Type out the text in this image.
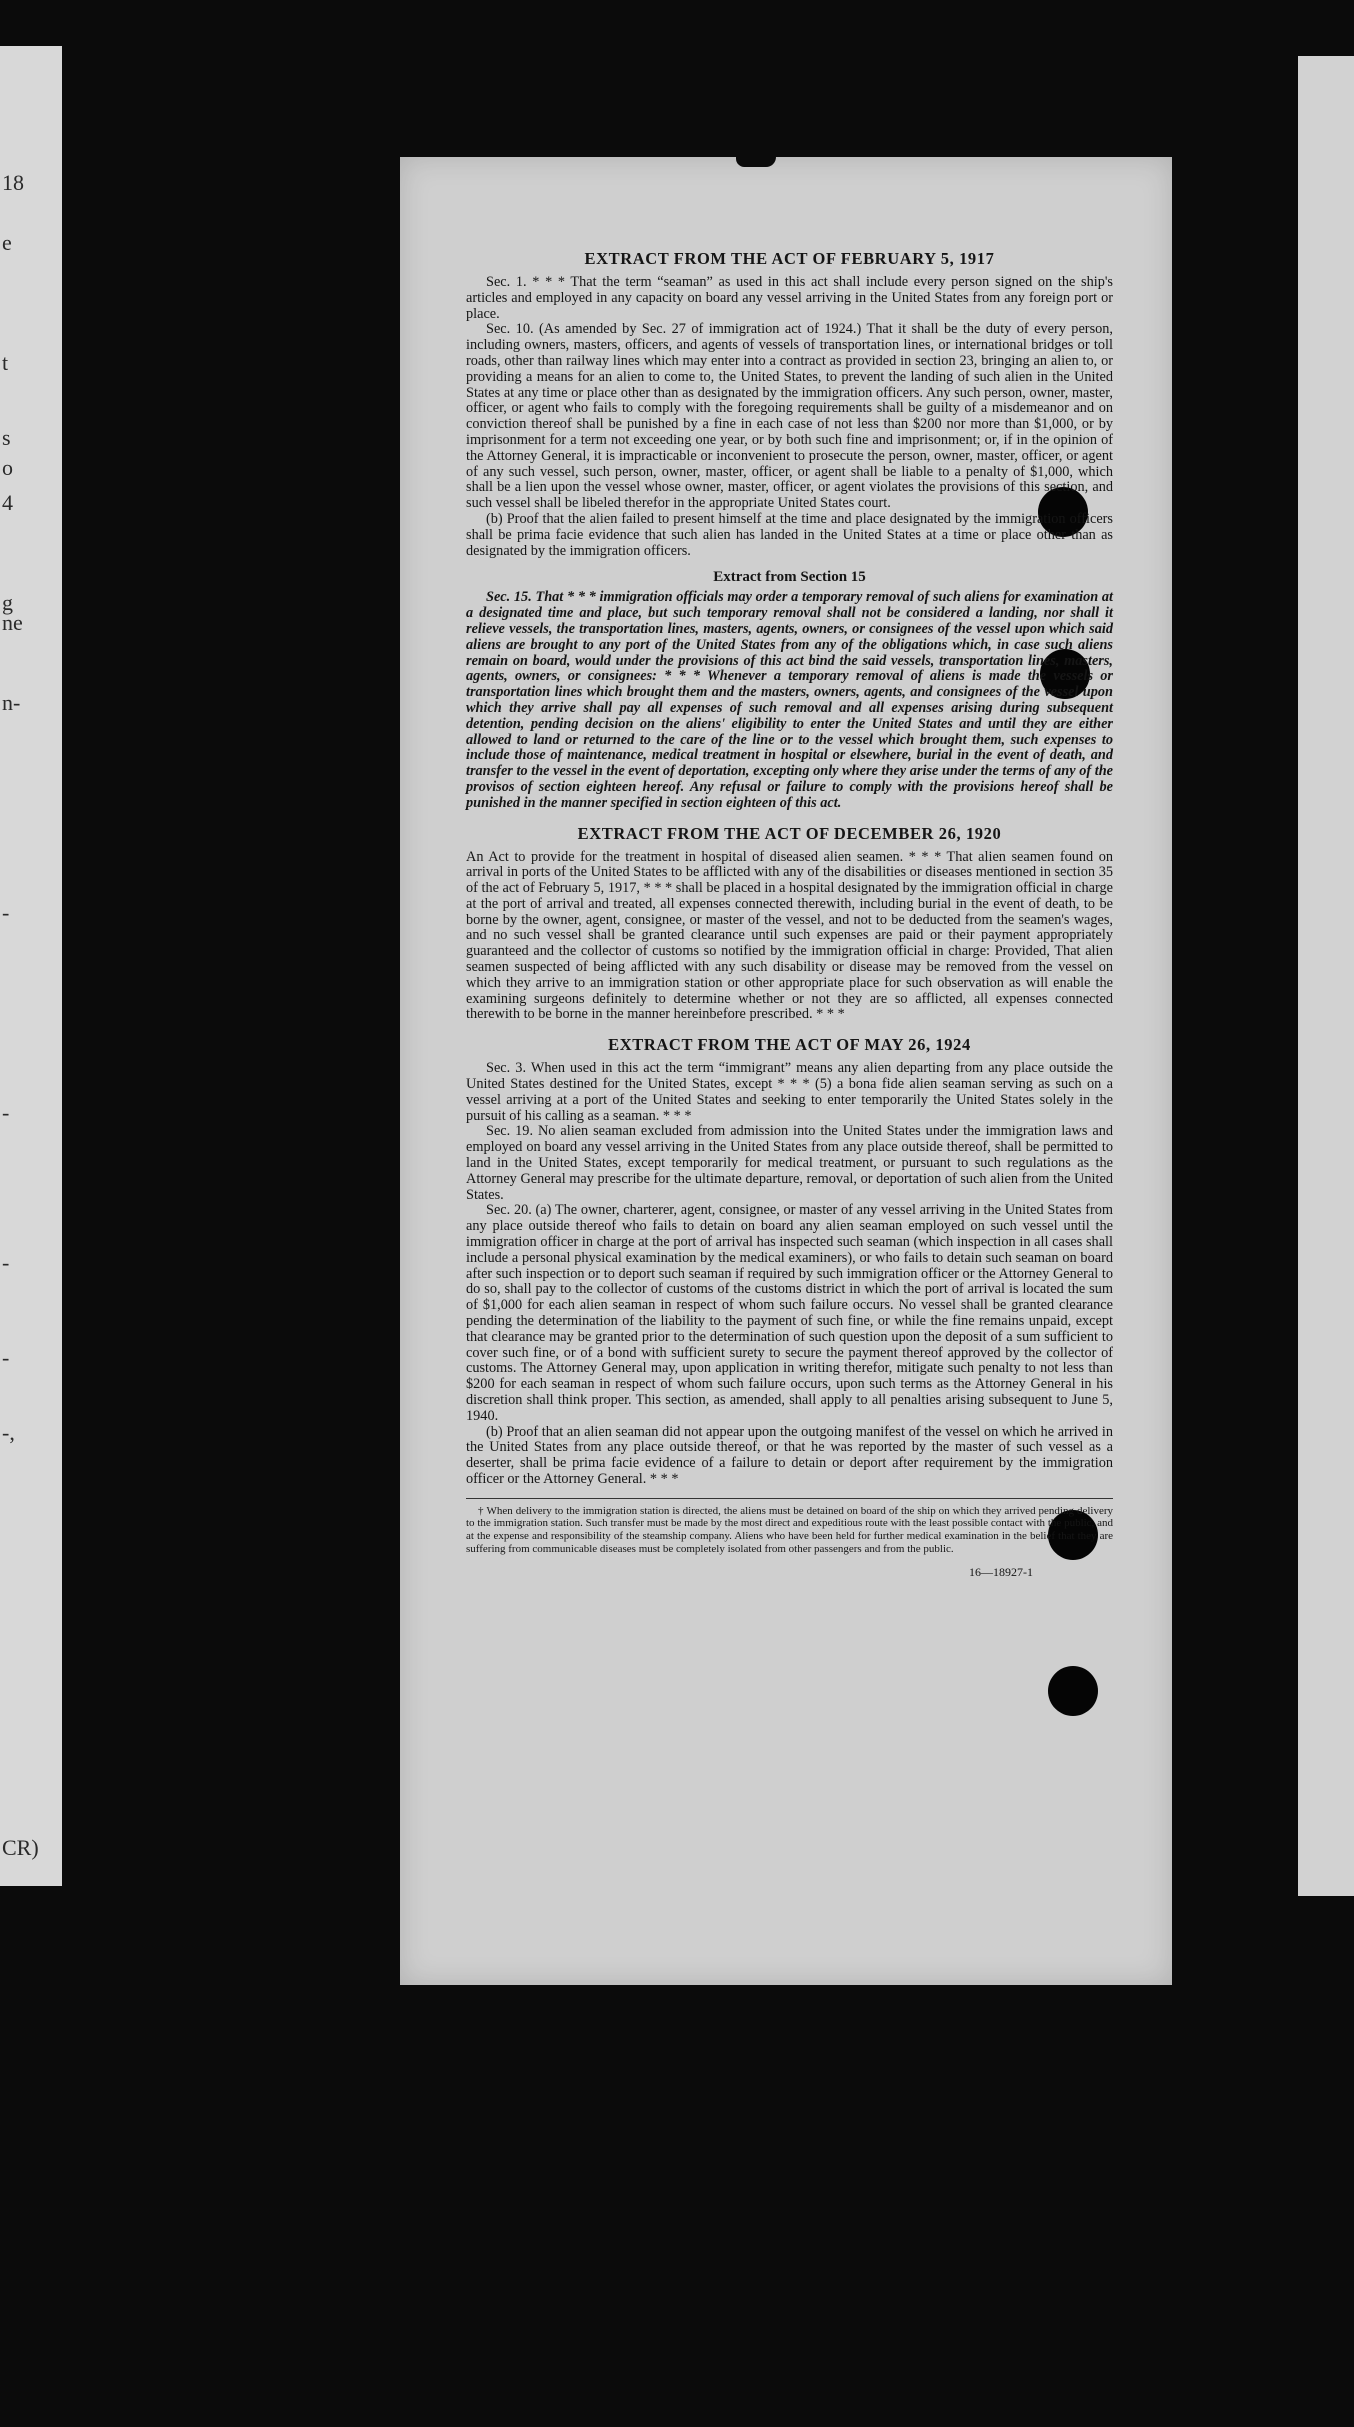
18
e
t
s
o
4
g
ne
n-
-
-
-
-
-,
CR)
EXTRACT FROM THE ACT OF FEBRUARY 5, 1917

Sec. 1. * * * That the term “seaman” as used in this act shall include every person signed on the ship's articles and employed in any capacity on board any vessel arriving in the United States from any foreign port or place.

Sec. 10. (As amended by Sec. 27 of immigration act of 1924.) That it shall be the duty of every person, including owners, masters, officers, and agents of vessels of transportation lines, or international bridges or toll roads, other than railway lines which may enter into a contract as provided in section 23, bringing an alien to, or providing a means for an alien to come to, the United States, to prevent the landing of such alien in the United States at any time or place other than as designated by the immigration officers. Any such person, owner, master, officer, or agent who fails to comply with the foregoing requirements shall be guilty of a misdemeanor and on conviction thereof shall be punished by a fine in each case of not less than $200 nor more than $1,000, or by imprisonment for a term not exceeding one year, or by both such fine and imprisonment; or, if in the opinion of the Attorney General, it is impracticable or inconvenient to prosecute the person, owner, master, officer, or agent of any such vessel, such person, owner, master, officer, or agent shall be liable to a penalty of $1,000, which shall be a lien upon the vessel whose owner, master, officer, or agent violates the provisions of this section, and such vessel shall be libeled therefor in the appropriate United States court.

(b) Proof that the alien failed to present himself at the time and place designated by the immigration officers shall be prima facie evidence that such alien has landed in the United States at a time or place other than as designated by the immigration officers.

Extract from Section 15

Sec. 15. That * * * immigration officials may order a temporary removal of such aliens for examination at a designated time and place, but such temporary removal shall not be considered a landing, nor shall it relieve vessels, the transportation lines, masters, agents, owners, or consignees of the vessel upon which said aliens are brought to any port of the United States from any of the obligations which, in case such aliens remain on board, would under the provisions of this act bind the said vessels, transportation lines, masters, agents, owners, or consignees: * * * Whenever a temporary removal of aliens is made the vessels or transportation lines which brought them and the masters, owners, agents, and consignees of the vessel upon which they arrive shall pay all expenses of such removal and all expenses arising during subsequent detention, pending decision on the aliens' eligibility to enter the United States and until they are either allowed to land or returned to the care of the line or to the vessel which brought them, such expenses to include those of maintenance, medical treatment in hospital or elsewhere, burial in the event of death, and transfer to the vessel in the event of deportation, excepting only where they arise under the terms of any of the provisos of section eighteen hereof. Any refusal or failure to comply with the provisions hereof shall be punished in the manner specified in section eighteen of this act.

EXTRACT FROM THE ACT OF DECEMBER 26, 1920

An Act to provide for the treatment in hospital of diseased alien seamen. * * * That alien seamen found on arrival in ports of the United States to be afflicted with any of the disabilities or diseases mentioned in section 35 of the act of February 5, 1917, * * * shall be placed in a hospital designated by the immigration official in charge at the port of arrival and treated, all expenses connected therewith, including burial in the event of death, to be borne by the owner, agent, consignee, or master of the vessel, and not to be deducted from the seamen's wages, and no such vessel shall be granted clearance until such expenses are paid or their payment appropriately guaranteed and the collector of customs so notified by the immigration official in charge: Provided, That alien seamen suspected of being afflicted with any such disability or disease may be removed from the vessel on which they arrive to an immigration station or other appropriate place for such observation as will enable the examining surgeons definitely to determine whether or not they are so afflicted, all expenses connected therewith to be borne in the manner hereinbefore prescribed. * * *

EXTRACT FROM THE ACT OF MAY 26, 1924

Sec. 3. When used in this act the term “immigrant” means any alien departing from any place outside the United States destined for the United States, except * * * (5) a bona fide alien seaman serving as such on a vessel arriving at a port of the United States and seeking to enter temporarily the United States solely in the pursuit of his calling as a seaman. * * *

Sec. 19. No alien seaman excluded from admission into the United States under the immigration laws and employed on board any vessel arriving in the United States from any place outside thereof, shall be permitted to land in the United States, except temporarily for medical treatment, or pursuant to such regulations as the Attorney General may prescribe for the ultimate departure, removal, or deportation of such alien from the United States.

Sec. 20. (a) The owner, charterer, agent, consignee, or master of any vessel arriving in the United States from any place outside thereof who fails to detain on board any alien seaman employed on such vessel until the immigration officer in charge at the port of arrival has inspected such seaman (which inspection in all cases shall include a personal physical examination by the medical examiners), or who fails to detain such seaman on board after such inspection or to deport such seaman if required by such immigration officer or the Attorney General to do so, shall pay to the collector of customs of the customs district in which the port of arrival is located the sum of $1,000 for each alien seaman in respect of whom such failure occurs. No vessel shall be granted clearance pending the determination of the liability to the payment of such fine, or while the fine remains unpaid, except that clearance may be granted prior to the determination of such question upon the deposit of a sum sufficient to cover such fine, or of a bond with sufficient surety to secure the payment thereof approved by the collector of customs. The Attorney General may, upon application in writing therefor, mitigate such penalty to not less than $200 for each seaman in respect of whom such failure occurs, upon such terms as the Attorney General in his discretion shall think proper. This section, as amended, shall apply to all penalties arising subsequent to June 5, 1940.

(b) Proof that an alien seaman did not appear upon the outgoing manifest of the vessel on which he arrived in the United States from any place outside thereof, or that he was reported by the master of such vessel as a deserter, shall be prima facie evidence of a failure to detain or deport after requirement by the immigration officer or the Attorney General. * * *

† When delivery to the immigration station is directed, the aliens must be detained on board of the ship on which they arrived pending delivery to the immigration station. Such transfer must be made by the most direct and expeditious route with the least possible contact with the public, and at the expense and responsibility of the steamship company. Aliens who have been held for further medical examination in the belief that they are suffering from communicable diseases must be completely isolated from other passengers and from the public.

16—18927-1
